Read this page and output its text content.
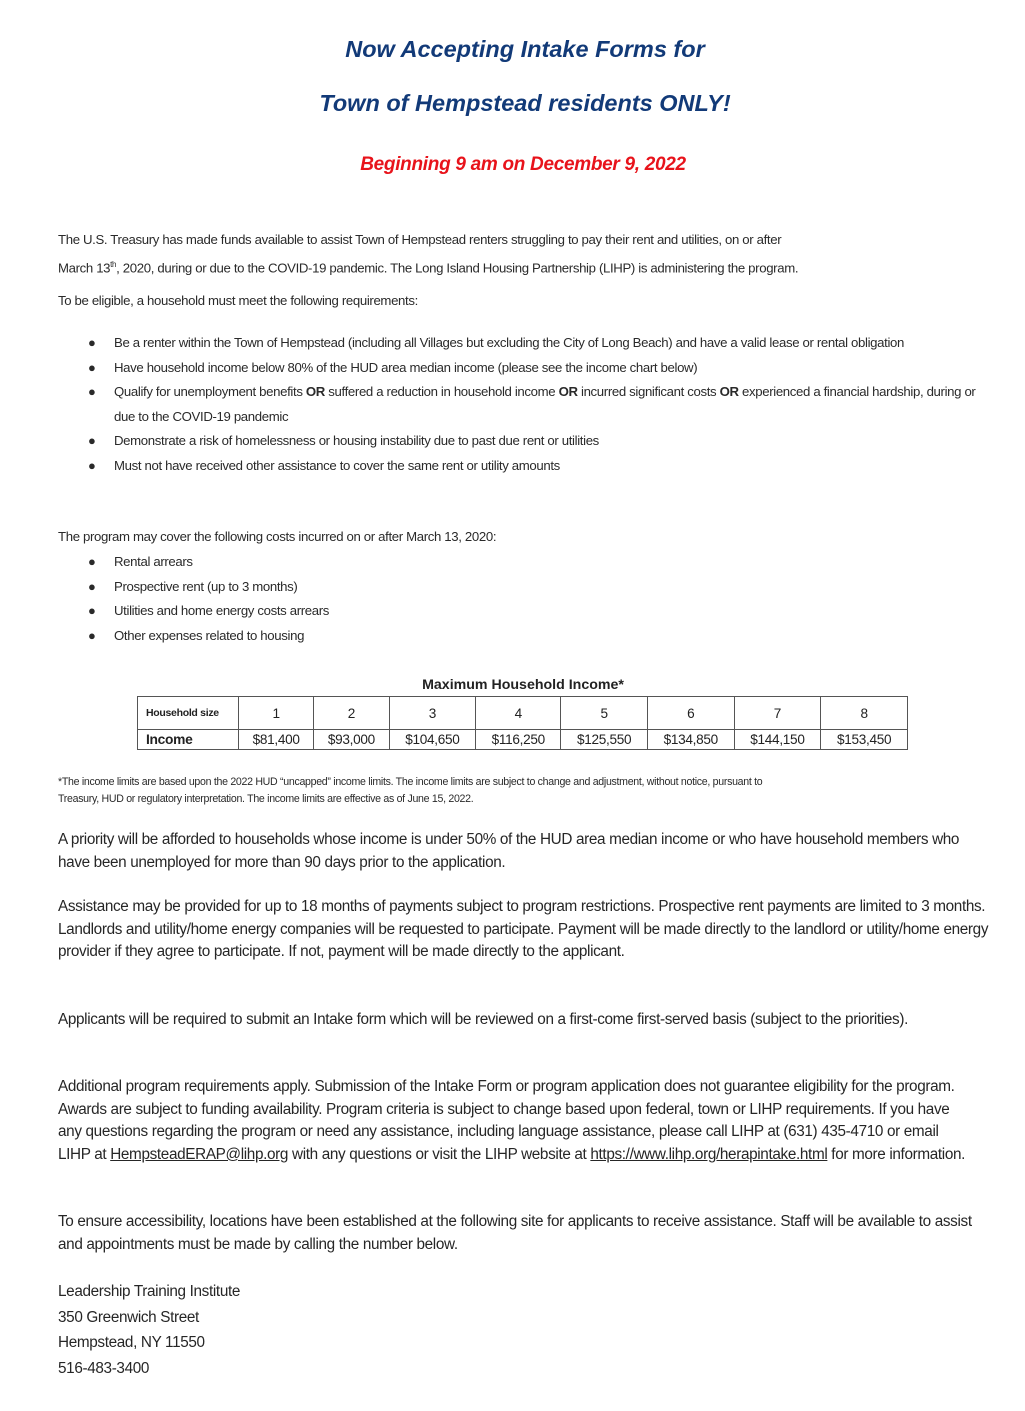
Now Accepting Intake Forms for
Town of Hempstead residents ONLY!
Beginning 9 am on December 9, 2022
The U.S. Treasury has made funds available to assist Town of Hempstead renters struggling to pay their rent and utilities, on or after
March 13th, 2020, during or due to the COVID-19 pandemic. The Long Island Housing Partnership (LIHP) is administering the program.
To be eligible, a household must meet the following requirements:
● Be a renter within the Town of Hempstead (including all Villages but excluding the City of Long Beach) and have a valid lease or rental obligation
● Have household income below 80% of the HUD area median income (please see the income chart below)
● Qualify for unemployment benefits OR suffered a reduction in household income OR incurred significant costs OR experienced a financial hardship, during or due to the COVID-19 pandemic
● Demonstrate a risk of homelessness or housing instability due to past due rent or utilities
● Must not have received other assistance to cover the same rent or utility amounts
The program may cover the following costs incurred on or after March 13, 2020:
● Rental arrears
● Prospective rent (up to 3 months)
● Utilities and home energy costs arrears
● Other expenses related to housing
Maximum Household Income*
Household size	1	2	3	4	5	6	7	8
Income	$81,400	$93,000	$104,650	$116,250	$125,550	$134,850	$144,150	$153,450
*The income limits are based upon the 2022 HUD “uncapped” income limits. The income limits are subject to change and adjustment, without notice, pursuant to
Treasury, HUD or regulatory interpretation. The income limits are effective as of June 15, 2022.

A priority will be afforded to households whose income is under 50% of the HUD area median income or who have household members who have been unemployed for more than 90 days prior to the application.

Assistance may be provided for up to 18 months of payments subject to program restrictions. Prospective rent payments are limited to 3 months. Landlords and utility/home energy companies will be requested to participate. Payment will be made directly to the landlord or utility/home energy provider if they agree to participate. If not, payment will be made directly to the applicant.

Applicants will be required to submit an Intake form which will be reviewed on a first-come first-served basis (subject to the priorities).

Additional program requirements apply. Submission of the Intake Form or program application does not guarantee eligibility for the program. Awards are subject to funding availability. Program criteria is subject to change based upon federal, town or LIHP requirements. If you have any questions regarding the program or need any assistance, including language assistance, please call LIHP at (631) 435-4710 or email LIHP at HempsteadERAP@lihp.org with any questions or visit the LIHP website at https://www.lihp.org/herapintake.html for more information.

To ensure accessibility, locations have been established at the following site for applicants to receive assistance. Staff will be available to assist and appointments must be made by calling the number below.

Leadership Training Institute
350 Greenwich Street
Hempstead, NY 11550
516-483-3400
